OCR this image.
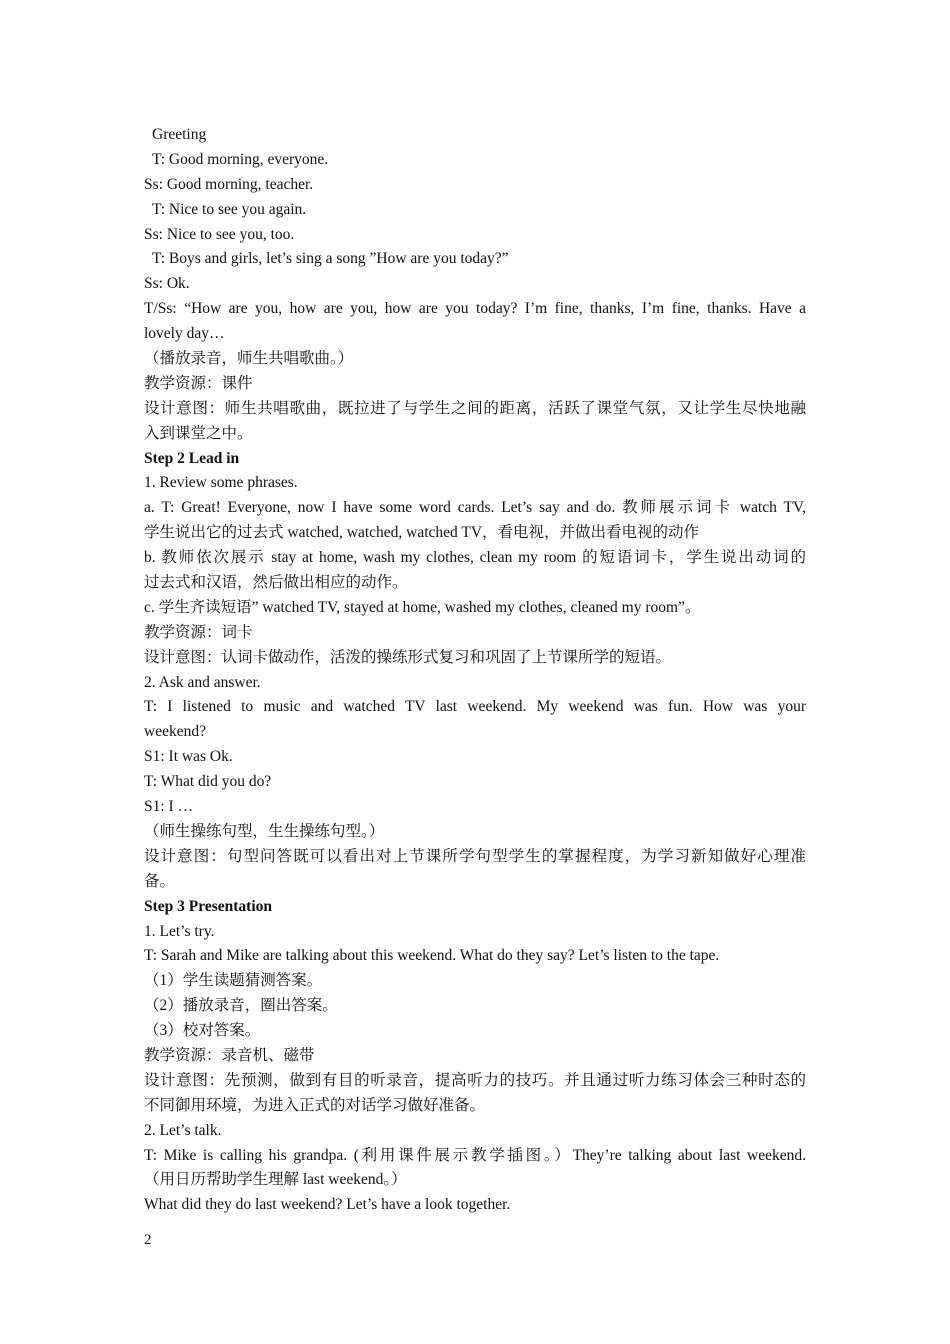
Greeting
T: Good morning, everyone.
Ss: Good morning, teacher.
T: Nice to see you again.
Ss: Nice to see you, too.
T: Boys and girls, let’s sing a song ”How are you today?”
Ss: Ok.
T/Ss: “How are you, how are you, how are you today? I’m fine, thanks, I’m fine, thanks. Have a
lovely day…
（播放录音，师生共唱歌曲。）
教学资源：课件
设计意图：师生共唱歌曲，既拉进了与学生之间的距离，活跃了课堂气氛，又让学生尽快地融
入到课堂之中。
Step 2 Lead in
1. Review some phrases.
a. T: Great! Everyone, now I have some word cards. Let’s say and do. 教师展示词卡 watch TV,
学生说出它的过去式 watched, watched, watched TV，看电视，并做出看电视的动作
b. 教师依次展示 stay at home, wash my clothes, clean my room 的短语词卡，学生说出动词的
过去式和汉语，然后做出相应的动作。
c. 学生齐读短语” watched TV, stayed at home, washed my clothes, cleaned my room”。
教学资源：词卡
设计意图：认词卡做动作，活泼的操练形式复习和巩固了上节课所学的短语。
2. Ask and answer.
T: I listened to music and watched TV last weekend. My weekend was fun. How was your
weekend?
S1: It was Ok.
T: What did you do?
S1: I …
（师生操练句型，生生操练句型。）
设计意图：句型问答既可以看出对上节课所学句型学生的掌握程度，为学习新知做好心理准
备。
Step 3 Presentation
1. Let’s try.
T: Sarah and Mike are talking about this weekend. What do they say? Let’s listen to the tape.
（1）学生读题猜测答案。
（2）播放录音，圈出答案。
（3）校对答案。
教学资源：录音机、磁带
设计意图：先预测，做到有目的听录音，提高听力的技巧。并且通过听力练习体会三种时态的
不同御用环境，为进入正式的对话学习做好准备。
2. Let’s talk.
T: Mike is calling his grandpa. (利用课件展示教学插图。）They’re talking about last weekend.
（用日历帮助学生理解 last weekend。）
What did they do last weekend? Let’s have a look together.
2
